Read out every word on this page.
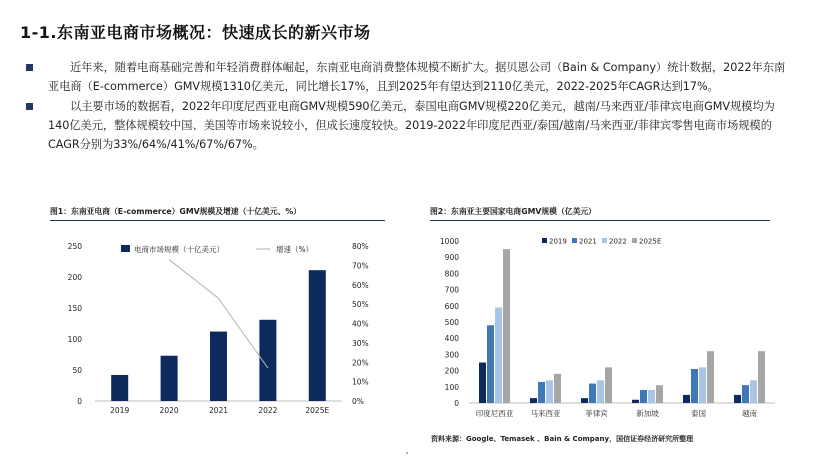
1-1.东南亚电商市场概况：快速成长的新兴市场
近年来，随着电商基础完善和年轻消费群体崛起，东南亚电商消费整体规模不断扩大。据贝恩公司（Bain & Company）统计数据，2022年东南亚电商（E-commerce）GMV规模1310亿美元，同比增长17%，且到2025年有望达到2110亿美元，2022-2025年CAGR达到17%。
以主要市场的数据看，2022年印度尼西亚电商GMV规模590亿美元，泰国电商GMV规模220亿美元，越南/马来西亚/菲律宾电商GMV规模均为140亿美元，整体规模较中国、美国等市场来说较小，但成长速度较快。2019-2022年印度尼西亚/泰国/越南/马来西亚/菲律宾零售电商市场规模的CAGR分别为33%/64%/41%/67%/67%。
图1：东南亚电商（E-commerce）GMV规模及增速（十亿美元、%）	图2：东南亚主要国家电商GMV规模（亿美元）
0
50
100
150
200
250
0%
10%
20%
30%
40%
50%
60%
70%
80%
2019	2020	2021	2022	2025E
电商市场规模（十亿美元）	增速（%）
0
100
200
300
400
500
600
700
800
900
1000
印度尼西亚 马来西亚	菲律宾	新加坡	泰国	越南
2019 2021 2022 2025E
资料来源：Google、Temasek 、Bain & Company，国信证券经济研究所整理
